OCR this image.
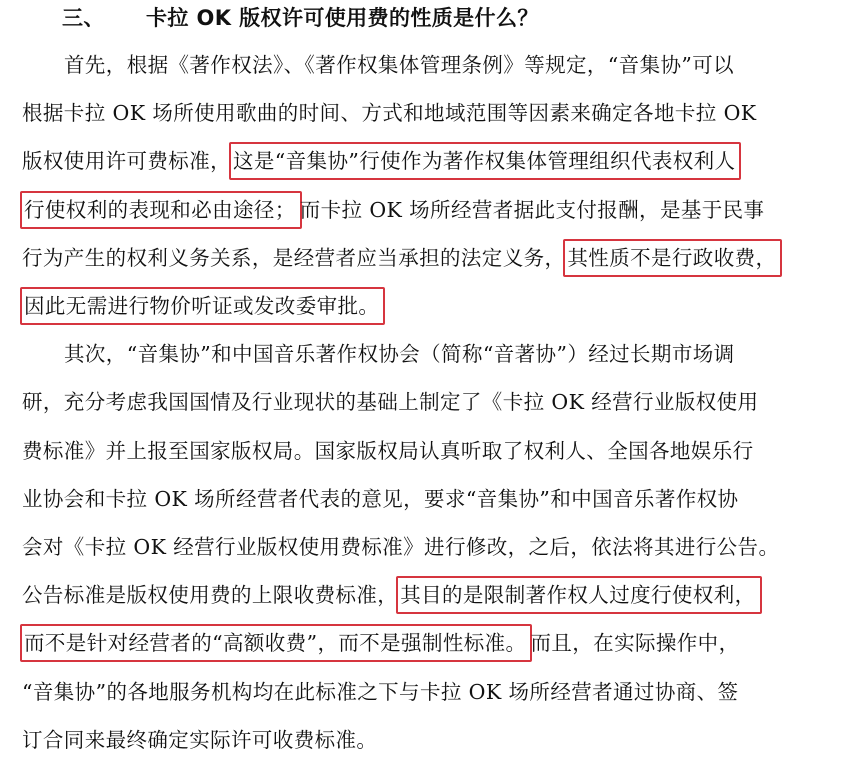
三、 卡拉 OK 版权许可使用费的性质是什么？
首先，根据《著作权法》、《著作权集体管理条例》等规定，“音集协”可以
根据卡拉 OK 场所使用歌曲的时间、方式和地域范围等因素来确定各地卡拉 OK
版权使用许可费标准，这是“音集协”行使作为著作权集体管理组织代表权利人
行使权利的表现和必由途径； 而卡拉 OK 场所经营者据此支付报酬，是基于民事
行为产生的权利义务关系，是经营者应当承担的法定义务，其性质不是行政收费，
因此无需进行物价听证或发改委审批。
其次，“音集协”和中国音乐著作权协会（简称“音著协”）经过长期市场调
研，充分考虑我国国情及行业现状的基础上制定了《卡拉 OK 经营行业版权使用
费标准》并上报至国家版权局。国家版权局认真听取了权利人、全国各地娱乐行
业协会和卡拉 OK 场所经营者代表的意见，要求“音集协”和中国音乐著作权协
会对《卡拉 OK 经营行业版权使用费标准》进行修改，之后，依法将其进行公告。
公告标准是版权使用费的上限收费标准，其目的是限制著作权人过度行使权利，
而不是针对经营者的“高额收费”，而不是强制性标准。 而且，在实际操作中，
“音集协”的各地服务机构均在此标准之下与卡拉 OK 场所经营者通过协商、签
订合同来最终确定实际许可收费标准。
